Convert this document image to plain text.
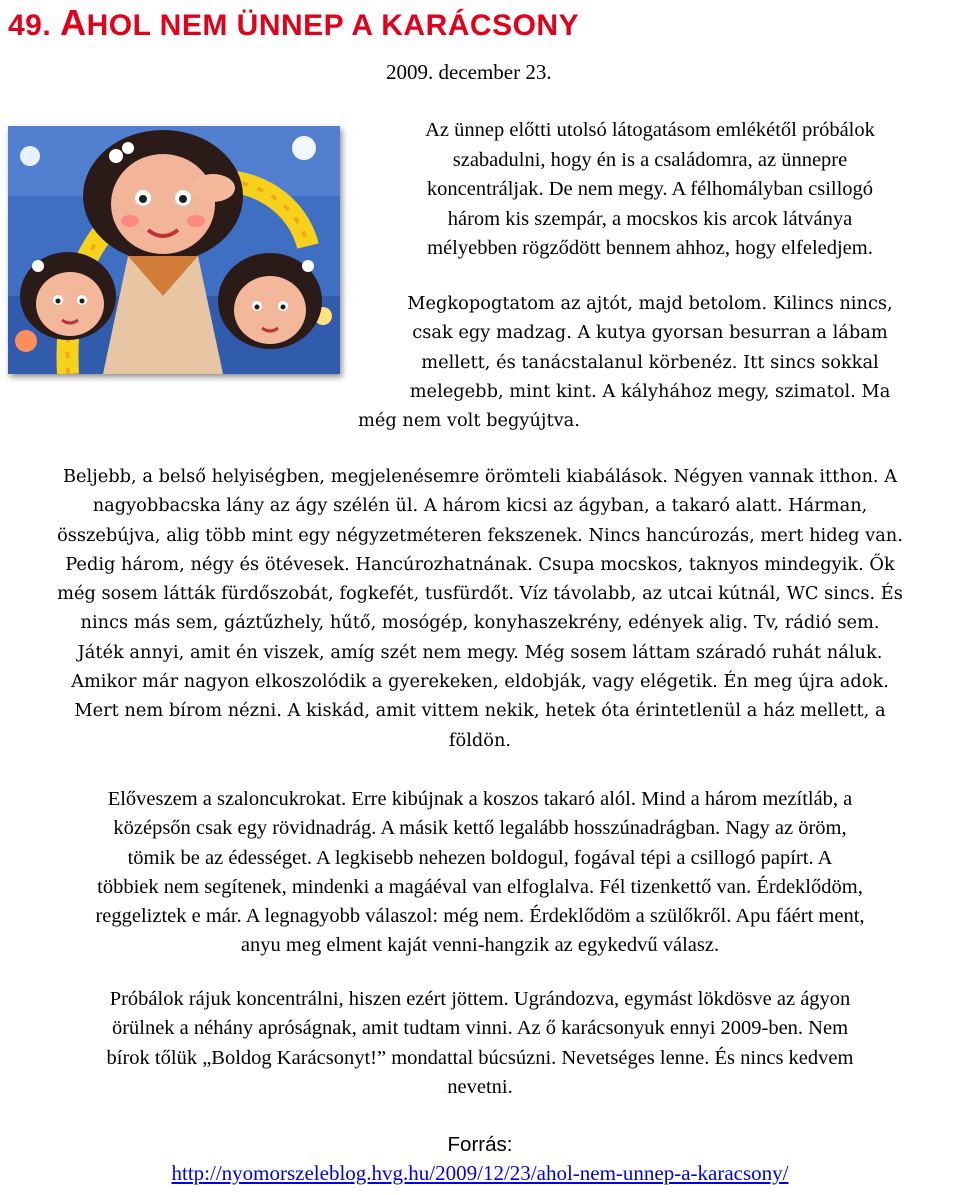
49. AHOL NEM ÜNNEP A KARÁCSONY
2009. december 23.

Az ünnep előtti utolsó látogatásom emlékétől próbálok
szabadulni, hogy én is a családomra, az ünnepre
koncentráljak. De nem megy. A félhomályban csillogó
három kis szempár, a mocskos kis arcok látványa
mélyebben rögződött bennem ahhoz, hogy elfeledjem.

Megkopogtatom az ajtót, majd betolom. Kilincs nincs,
csak egy madzag. A kutya gyorsan besurran a lábam
mellett, és tanácstalanul körbenéz. Itt sincs sokkal
melegebb, mint kint. A kályhához megy, szimatol. Ma
még nem volt begyújtva.

Beljebb, a belső helyiségben, megjelenésemre örömteli kiabálások. Négyen vannak itthon. A
nagyobbacska lány az ágy szélén ül. A három kicsi az ágyban, a takaró alatt. Hárman,
összebújva, alig több mint egy négyzetméteren fekszenek. Nincs hancúrozás, mert hideg van.
Pedig három, négy és ötévesek. Hancúrozhatnának. Csupa mocskos, taknyos mindegyik. Ők
még sosem látták fürdőszobát, fogkefét, tusfürdőt. Víz távolabb, az utcai kútnál, WC sincs. És
nincs más sem, gáztűzhely, hűtő, mosógép, konyhaszekrény, edények alig. Tv, rádió sem.
Játék annyi, amit én viszek, amíg szét nem megy. Még sosem láttam száradó ruhát náluk.
Amikor már nagyon elkoszolódik a gyerekeken, eldobják, vagy elégetik. Én meg újra adok.
Mert nem bírom nézni. A kiskád, amit vittem nekik, hetek óta érintetlenül a ház mellett, a
földön.

Előveszem a szaloncukrokat. Erre kibújnak a koszos takaró alól. Mind a három mezítláb, a
középsőn csak egy rövidnadrág. A másik kettő legalább hosszúnadrágban. Nagy az öröm,
tömik be az édességet. A legkisebb nehezen boldogul, fogával tépi a csillogó papírt. A
többiek nem segítenek, mindenki a magáéval van elfoglalva. Fél tizenkettő van. Érdeklődöm,
reggeliztek e már. A legnagyobb válaszol: még nem. Érdeklődöm a szülőkről. Apu fáért ment,
anyu meg elment kaját venni-hangzik az egykedvű válasz.

Próbálok rájuk koncentrálni, hiszen ezért jöttem. Ugrándozva, egymást lökdösve az ágyon
örülnek a néhány apróságnak, amit tudtam vinni. Az ő karácsonyuk ennyi 2009-ben. Nem
bírok tőlük „Boldog Karácsonyt!” mondattal búcsúzni. Nevetséges lenne. És nincs kedvem
nevetni.

Forrás:
http://nyomorszeleblog.hvg.hu/2009/12/23/ahol-nem-unnep-a-karacsony/
